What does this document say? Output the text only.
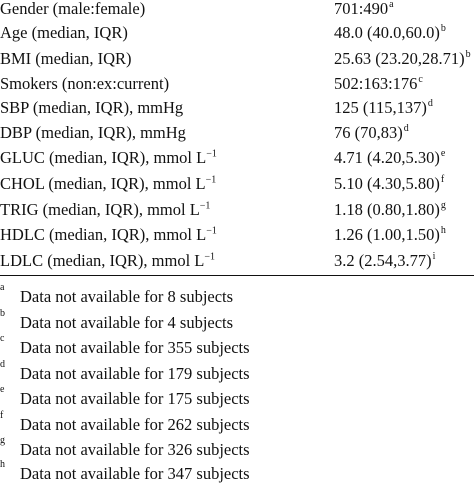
Gender (male:female)	701:490$^a$
Age (median, IQR)	48.0 $(40.0,60.0)^b$
BMI (median, IQR)	25.63 $(23.20,28.71)^b$
Smokers (non:ex:current)	502:163:176$^c$
SBP (median, IQR), mmHg	125 $(115,137)^d$
DBP (median, IQR), mmHg	76 $(70,83)^d$
GLUC (median, IQR), mmol $L^{-1}$	4.71 $(4.20,5.30)^e$
CHOL (median, IQR), mmol $L^{-1}$	5.10 $(4.30,5.80)^f$
TRIG (median, IQR), mmol $L^{-1}$	1.18 $(0.80,1.80)^g$
HDLC (median, IQR), mmol $L^{-1}$	1.26 $(1.00,1.50)^h$
LDLC (median, IQR), mmol $L^{-1}$	3.2 $(2.54,3.77)^i$
a Data not available for 8 subjects
b Data not available for 4 subjects
c Data not available for 355 subjects
d Data not available for 179 subjects
e Data not available for 175 subjects
f Data not available for 262 subjects
g Data not available for 326 subjects
h Data not available for 347 subjects
